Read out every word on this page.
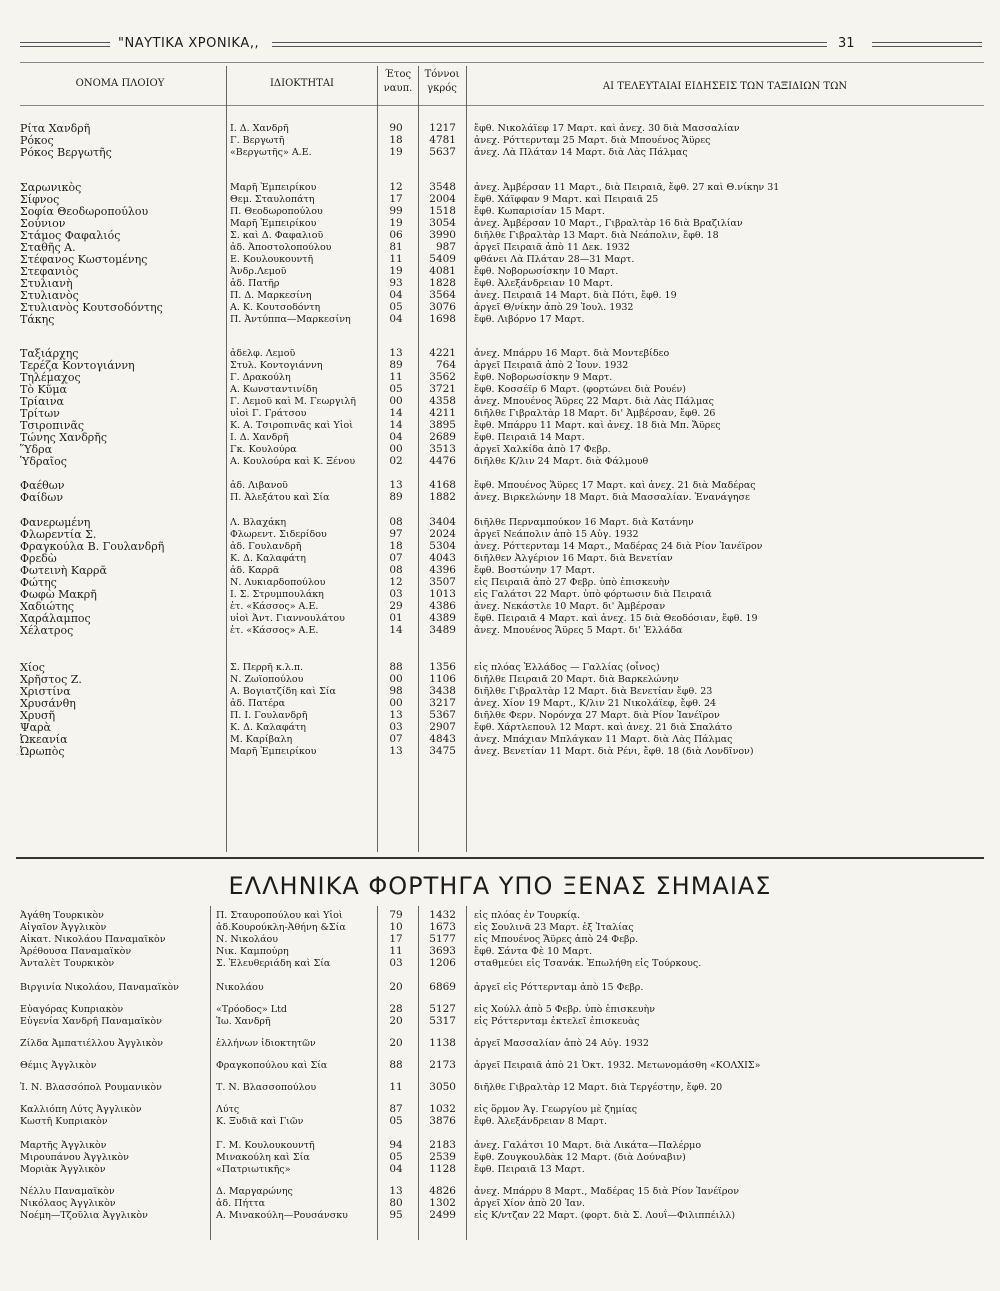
"ΝΑΥΤΙΚΑ ΧΡΟΝΙΚΑ,,	31
ΟΝΟΜΑ ΠΛΟΙΟΥ	ΙΔΙΟΚΤΗΤΑΙ
Έτος
ναυπ.
Τόννοι
γκρός	ΑΙ ΤΕΛΕΥΤΑΙΑΙ ΕΙΔΗΣΕΙΣ ΤΩΝ ΤΑΞΙΔΙΩΝ ΤΩΝ
Ρίτα Χανδρῆ	Ι. Δ. Χανδρῆ	90	1217 ἔφθ. Νικολάϊεφ 17 Μαρτ. καὶ ἀνεχ. 30 διὰ Μασσαλίαν
Ρόκος	Γ. Βεργωτῆ	18	4781 ἀνεχ. Ρόττερνταμ 25 Μαρτ. διὰ Μπουένος Ἄϋρες
Ρόκος Βεργωτῆς	«Βεργωτῆς» Α.Ε.	19	5637 ἀνεχ. Λὰ Πλάταν 14 Μαρτ. διὰ Λὰς Πάλμας
Σαρωνικὸς	Μαρῆ Ἐμπειρίκου	12	3548 ἀνεχ. Ἀμβέρσαν 11 Μαρτ., διὰ Πειραιᾶ, ἔφθ. 27 καὶ Θ.νίκην 31
Σίφνος	Θεμ. Σταυλοπάτη	17	2004 ἔφθ. Χάϊφφαν 9 Μαρτ. καὶ Πειραιᾶ 25
Σοφία Θεοδωροπούλου	Π. Θεοδωροπούλου	99	1518 ἔφθ. Κωπαρισίαν 15 Μαρτ.
Σούνιον	Μαρῆ Ἐμπειρίκου	19	3054 ἀνεχ. Ἀμβέρσαν 10 Μαρτ., Γιβραλτὰρ 16 διὰ Βραζιλίαν
Στάμος Φαφαλιός	Σ. καὶ Δ. Φαφαλιοῦ	06	3990 διῆλθε Γιβραλτὰρ 13 Μαρτ. διὰ Νεάπολιν, ἔφθ. 18
Σταθῆς Α.	ἀδ. Ἀποστολοπούλου	81	987 ἀργεῖ Πειραιᾶ ἀπὸ 11 Δεκ. 1932
Στέφανος Κωστομένης	Ε. Κουλουκουντῆ	11	5409 φθάνει Λὰ Πλάταν 28—31 Μαρτ.
Στεφανιὸς	Ἀνδρ.Λεμοῦ	19	4081 ἔφθ. Νοβορωσίσκην 10 Μαρτ.
Στυλιανὴ	ἀδ. Πατῆρ	93	1828 ἔφθ. Ἀλεξάνδρειαν 10 Μαρτ.
Στυλιανὸς	Π. Δ. Μαρκεσίνη	04	3564 ἀνεχ. Πειραιᾶ 14 Μαρτ. διὰ Πότι, ἔφθ. 19
Στυλιανὸς Κουτσοδόντης	Α. Κ. Κουτσοδόντη	05	3076 ἀργεῖ Θ/νίκην ἀπὸ 29 Ἰουλ. 1932
Τάκης	Π. Ἀντύππα—Μαρκεσίνη	04	1698 ἔφθ. Λιβόρνο 17 Μαρτ.
Ταξιάρχης	ἀδελφ. Λεμοῦ	13	4221 ἀνεχ. Μπάρρυ 16 Μαρτ. διὰ Μοντεβίδεο
Τερέζα Κοντογιάννη	Στυλ. Κοντογιάννη	89	764 ἀργεῖ Πειραιᾶ ἀπὸ 2 Ἰουν. 1932
Τηλέμαχος	Γ. Δρακούλη	11	3562 ἔφθ. Νοβορωσίσκην 9 Μαρτ.
Τὸ Κῦμα	Α. Κωνσταντινίδη	05	3721 ἔφθ. Κοσσέϊρ 6 Μαρτ. (φορτώνει διὰ Ρουέν)
Τρίαινα	Γ. Λεμοῦ καὶ Μ. Γεωργιλῆ	00	4358 ἀνεχ. Μπουένος Ἄϋρες 22 Μαρτ. διὰ Λὰς Πάλμας
Τρίτων	υἱοὶ Γ. Γράτσου	14	4211 διῆλθε Γιβραλτὰρ 18 Μαρτ. δι' Ἀμβέρσαν, ἔφθ. 26
Τσιροπινᾶς	Κ. Α. Τσιροπινᾶς καὶ Υἱοὶ	14	3895 ἔφθ. Μπάρρυ 11 Μαρτ. καὶ ἀνεχ. 18 διὰ Μπ. Ἄϋρες
Τώνης Χανδρῆς	Ι. Δ. Χανδρῆ	04	2689 ἔφθ. Πειραιᾶ 14 Μαρτ.
Ὕδρα	Γκ. Κουλούρα	00	3513 ἀργεῖ Χαλκίδα ἀπὸ 17 Φεβρ.
Ὑδραῖος	Α. Κουλούρα καὶ Κ. Ξένου	02	4476 διῆλθε Κ/λιν 24 Μαρτ. διὰ Φάλμουθ
Φαέθων	ἀδ. Λιβανοῦ	13	4168 ἔφθ. Μπουένος Ἄϋρες 17 Μαρτ. καὶ ἀνεχ. 21 διὰ Μαδέρας
Φαίδων	Π. Ἀλεξάτου καὶ Σία	89	1882 ἀνεχ. Βιρκελώνην 18 Μαρτ. διὰ Μασσαλίαν. Ἐνανάγησε
Φανερωμένη	Λ. Βλαχάκη	08	3404 διῆλθε Περναμπούκον 16 Μαρτ. διὰ Κατάνην
Φλωρεντία Σ.	Φλωρεντ. Σιδερίδου	97	2024 ἀργεῖ Νεάπολιν ἀπὸ 15 Αὐγ. 1932
Φραγκούλα Β. Γουλανδρῆ	ἀδ. Γουλανδρῆ	18	5304 ἀνεχ. Ρόττερνταμ 14 Μαρτ., Μαδέρας 24 διὰ Ρίον Ἰανέϊρον
Φρεδὼ	Κ. Δ. Καλαφάτη	07	4043 διῆλθεν Ἀλγέριον 16 Μαρτ. διὰ Βενετίαν
Φωτεινὴ Καρρᾶ	ἀδ. Καρρᾶ	08	4396 ἔφθ. Βοστώνην 17 Μαρτ.
Φώτης	Ν. Λυκιαρδοπούλου	12	3507 εἰς Πειραιᾶ ἀπὸ 27 Φεβρ. ὑπὸ ἐπισκευὴν
Φωφὼ Μακρῆ	Ι. Σ. Στρυμπουλάκη	03	1013 εἰς Γαλάτσι 22 Μαρτ. ὑπὸ φόρτωσιν διὰ Πειραιᾶ
Χαδιώτης	ἑτ. «Κάσσος» Α.Ε.	29	4386 ἀνεχ. Νεκάστλε 10 Μαρτ. δι' Ἀμβέρσαν
Χαράλαμπος	υἱοὶ Ἀντ. Γιαννουλάτου	01	4389 ἔφθ. Πειραιᾶ 4 Μαρτ. καὶ ἀνεχ. 15 διὰ Θεοδόσιαν, ἔφθ. 19
Χέλατρος	ἑτ. «Κάσσος» Α.Ε.	14	3489 ἀνεχ. Μπουένος Ἄϋρες 5 Μαρτ. δι' Ἑλλάδα
Χίος	Σ. Περρῆ κ.λ.π.	88	1356 εἰς πλόας Ἑλλάδος — Γαλλίας (οἶνος)
Χρῆστος Ζ.	Ν. Ζωϊοπούλου	00	1106 διῆλθε Πειραιᾶ 20 Μαρτ. διὰ Βαρκελώνην
Χριστίνα	Α. Βογιατζίδη καὶ Σία	98	3438 διῆλθε Γιβραλτὰρ 12 Μαρτ. διὰ Βενετίαν ἔφθ. 23
Χρυσάνθη	ἀδ. Πατέρα	00	3217 ἀνεχ. Χίον 19 Μαρτ., Κ/λιν 21 Νικολάϊεφ, ἔφθ. 24
Χρυσῆ	Π. Ι. Γουλανδρῆ	13	5367 διῆλθε Φερν. Νορόνχα 27 Μαρτ. διὰ Ρίον Ἰανέϊρον
Ψαρὰ	Κ. Δ. Καλαφάτη	03	2907 ἔφθ. Χάρτλεπουλ 12 Μαρτ. καὶ ἀνεχ. 21 διὰ Σπαλάτο
Ὠκεανία	Μ. Καρίβαλη	07	4843 ἀνεχ. Μπάχιαν Μπλάγκαν 11 Μαρτ. διὰ Λὰς Πάλμας
Ὠρωπὸς	Μαρῆ Ἐμπειρίκου	13	3475 ἀνεχ. Βενετίαν 11 Μαρτ. διὰ Ρένι, ἔφθ. 18 (διὰ Λονδῖνον)
ΕΛΛΗΝΙΚΑ ΦΟΡΤΗΓΑ ΥΠΟ ΞΕΝΑΣ ΣΗΜΑΙΑΣ
Ἀγάθη Τουρκικὸν	Π. Σταυροπούλου καὶ Υἱοὶ	79	1432 εἰς πλόας ἐν Τουρκίᾳ.
Αἰγαῖον Ἀγγλικὸν	ἀδ.Κουρούκλη-Ἀθήνη &Σία	10	1673 εἰς Σουλινᾶ 23 Μαρτ. ἐξ Ἰταλίας
Αἰκατ. Νικολάου Παναμαϊκὸν	Ν. Νικολάου	17	5177 εἰς Μπουένος Ἄϋρες ἀπὸ 24 Φεβρ.
Ἀρέθουσα Παναμαϊκὸν	Νικ. Καμπούρη	11	3693 ἔφθ. Σάντα Φὲ 10 Μαρτ.
Ἀνταλὲτ Τουρκικὸν	Σ. Ἐλευθεριάδη καὶ Σία	03	1206 σταθμεύει εἰς Τσανάκ. Ἐπωλήθη εἰς Τούρκους.
Βιργινία Νικολάου, Παναμαϊκὸν	Νικολάου	20	6869 ἀργεῖ εἰς Ρόττερνταμ ἀπὸ 15 Φεβρ.
Εὐαγόρας Κυπριακὸν	«Τρόοδος» Ltd	28	5127 εἰς Χούλλ ἀπὸ 5 Φεβρ. ὑπὸ ἐπισκευὴν
Εὐγενία Χανδρῆ Παναμαϊκὸν	Ἰω. Χανδρῆ	20	5317 εἰς Ρόττερνταμ ἐκτελεῖ ἐπισκευὰς
Ζίλδα Ἀμπατιέλλου Ἀγγλικὸν	ἑλλήνων ἰδιοκτητῶν	20	1138 ἀργεῖ Μασσαλίαν ἀπὸ 24 Αὐγ. 1932
Θέμις Ἀγγλικὸν	Φραγκοπούλου καὶ Σία	88	2173 ἀργεῖ Πειραιᾶ ἀπὸ 21 Ὀκτ. 1932. Μετωνομάσθη «ΚΟΛΧΙΣ»
Ἰ. Ν. Βλασσόπολ Ρουμανικὸν	Τ. Ν. Βλασσοπούλου	11	3050 διῆλθε Γιβραλτὰρ 12 Μαρτ. διὰ Τεργέστην, ἔφθ. 20
Καλλιόπη Λύτς Ἀγγλικὸν	Λύτς	87	1032 εἰς ὅρμον Ἁγ. Γεωργίου μὲ ζημίας
Κωστῆ Κυπριακὸν	Κ. Ξυδιᾶ καὶ Γιῶν	05	3876 ἔφθ. Ἀλεξάνδρειαν 8 Μαρτ.
Μαρτῆς Ἀγγλικὸν	Γ. Μ. Κουλουκουντῆ	94	2183 ἀνεχ. Γαλάτσι 10 Μαρτ. διὰ Λικάτα—Παλέρμο
Μιρουπάνου Ἀγγλικὸν	Μινακούλη καὶ Σία	05	2539 ἔφθ. Ζουγκουλδὰκ 12 Μαρτ. (διὰ Δούναβιν)
Μοριὰκ Ἀγγλικὸν	«Πατριωτικῆς»	04	1128 ἔφθ. Πειραιᾶ 13 Μαρτ.
Νέλλυ Παναμαϊκὸν	Δ. Μαργαρώνης	13	4826 ἀνεχ. Μπάρρυ 8 Μαρτ., Μαδέρας 15 διὰ Ρίον Ἰανέϊρον
Νικόλαος Ἀγγλικὸν	ἀδ. Πήττα	80	1302 ἀργεῖ Χίον ἀπὸ 20 Ἰαν.
Νοέμη—Τζοῦλια Ἀγγλικὸν	Α. Μινακούλη—Ρουσάνσκυ	95	2499 εἰς Κ/ντζαν 22 Μαρτ. (φορτ. διὰ Σ. Λουΐ—Φιλιππέιλλ)
